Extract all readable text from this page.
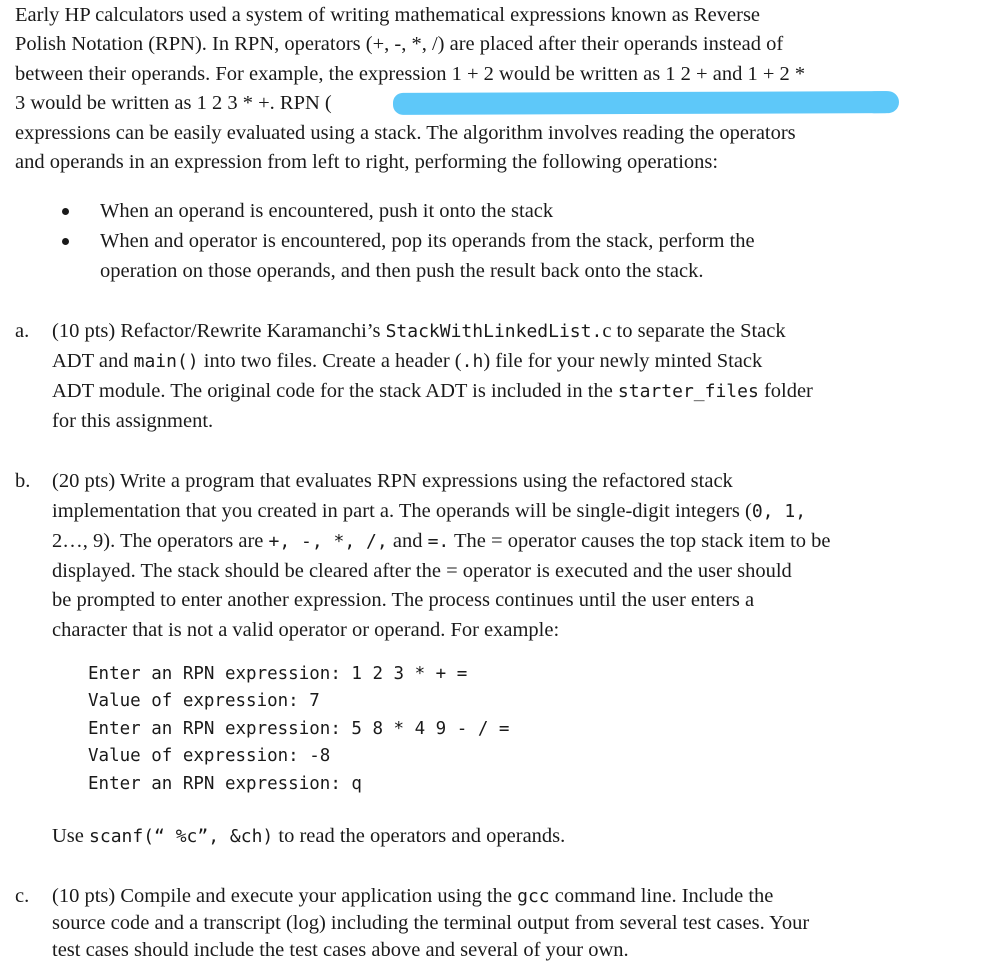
Early HP calculators used a system of writing mathematical expressions known as Reverse
Polish Notation (RPN). In RPN, operators (+, -, *, /) are placed after their operands instead of
between their operands. For example, the expression 1 + 2 would be written as 1 2 + and 1 + 2 *
3 would be written as 1 2 3 * +. RPN (
expressions can be easily evaluated using a stack. The algorithm involves reading the operators
and operands in an expression from left to right, performing the following operations:
When an operand is encountered, push it onto the stack
When and operator is encountered, pop its operands from the stack, perform the
operation on those operands, and then push the result back onto the stack.
a. (10 pts) Refactor/Rewrite Karamanchi’s StackWithLinkedList.c to separate the Stack
ADT and main() into two files. Create a header (.h) file for your newly minted Stack
ADT module. The original code for the stack ADT is included in the starter_files folder
for this assignment.
b. (20 pts) Write a program that evaluates RPN expressions using the refactored stack
implementation that you created in part a. The operands will be single-digit integers (0, 1,
2…, 9). The operators are +, -, *, /, and =. The = operator causes the top stack item to be
displayed. The stack should be cleared after the = operator is executed and the user should
be prompted to enter another expression. The process continues until the user enters a
character that is not a valid operator or operand. For example:
Enter an RPN expression: 1 2 3 * + =
Value of expression: 7
Enter an RPN expression: 5 8 * 4 9 - / =
Value of expression: -8
Enter an RPN expression: q
Use scanf(“ %c”, &ch) to read the operators and operands.
c. (10 pts) Compile and execute your application using the gcc command line. Include the
source code and a transcript (log) including the terminal output from several test cases. Your
test cases should include the test cases above and several of your own.
